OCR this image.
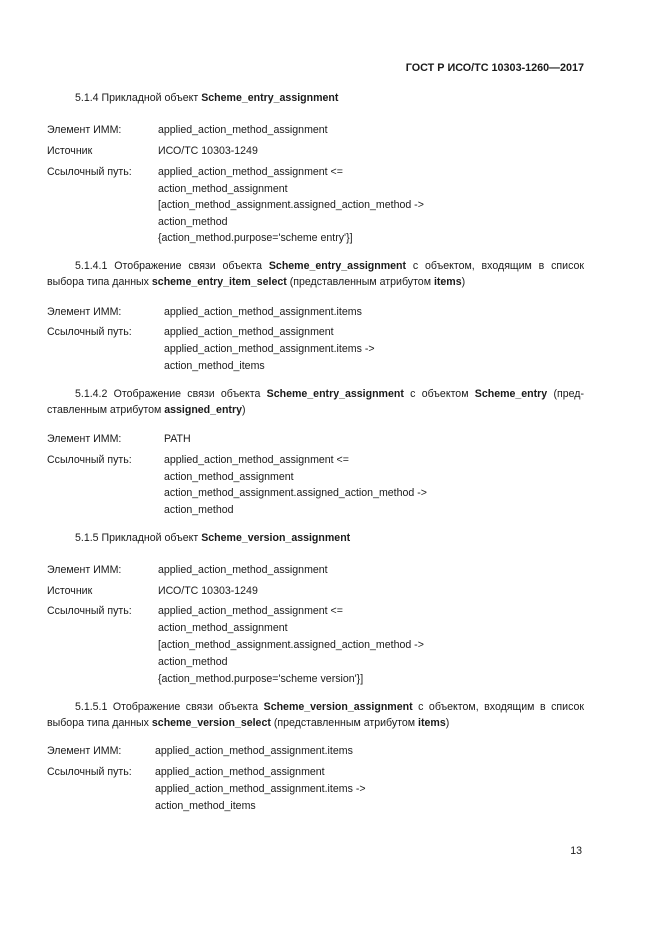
ГОСТ Р ИСО/ТС 10303-1260—2017
5.1.4 Прикладной объект Scheme_entry_assignment
Элемент ИММ:	applied_action_method_assignment
Источник	ИСО/ТС 10303-1249
Ссылочный путь: applied_action_method_assignment <=
action_method_assignment
[action_method_assignment.assigned_action_method ->
action_method
{action_method.purpose='scheme entry'}]
5.1.4.1 Отображение связи объекта Scheme_entry_assignment с объектом, входящим в список выбора типа данных scheme_entry_item_select (представленным атрибутом items)
Элемент ИММ:	applied_action_method_assignment.items
Ссылочный путь:	applied_action_method_assignment
applied_action_method_assignment.items ->
action_method_items
5.1.4.2 Отображение связи объекта Scheme_entry_assignment с объектом Scheme_entry (пред-ставленным атрибутом assigned_entry)
Элемент ИММ:	PATH
Ссылочный путь:	applied_action_method_assignment <=
action_method_assignment
action_method_assignment.assigned_action_method ->
action_method
5.1.5 Прикладной объект Scheme_version_assignment
Элемент ИММ:	applied_action_method_assignment
Источник	ИСО/ТС 10303-1249
Ссылочный путь: applied_action_method_assignment <=
action_method_assignment
[action_method_assignment.assigned_action_method ->
action_method
{action_method.purpose='scheme version'}]
5.1.5.1 Отображение связи объекта Scheme_version_assignment с объектом, входящим в список выбора типа данных scheme_version_select (представленным атрибутом items)
Элемент ИММ:	applied_action_method_assignment.items
Ссылочный путь: applied_action_method_assignment
applied_action_method_assignment.items ->
action_method_items
13
